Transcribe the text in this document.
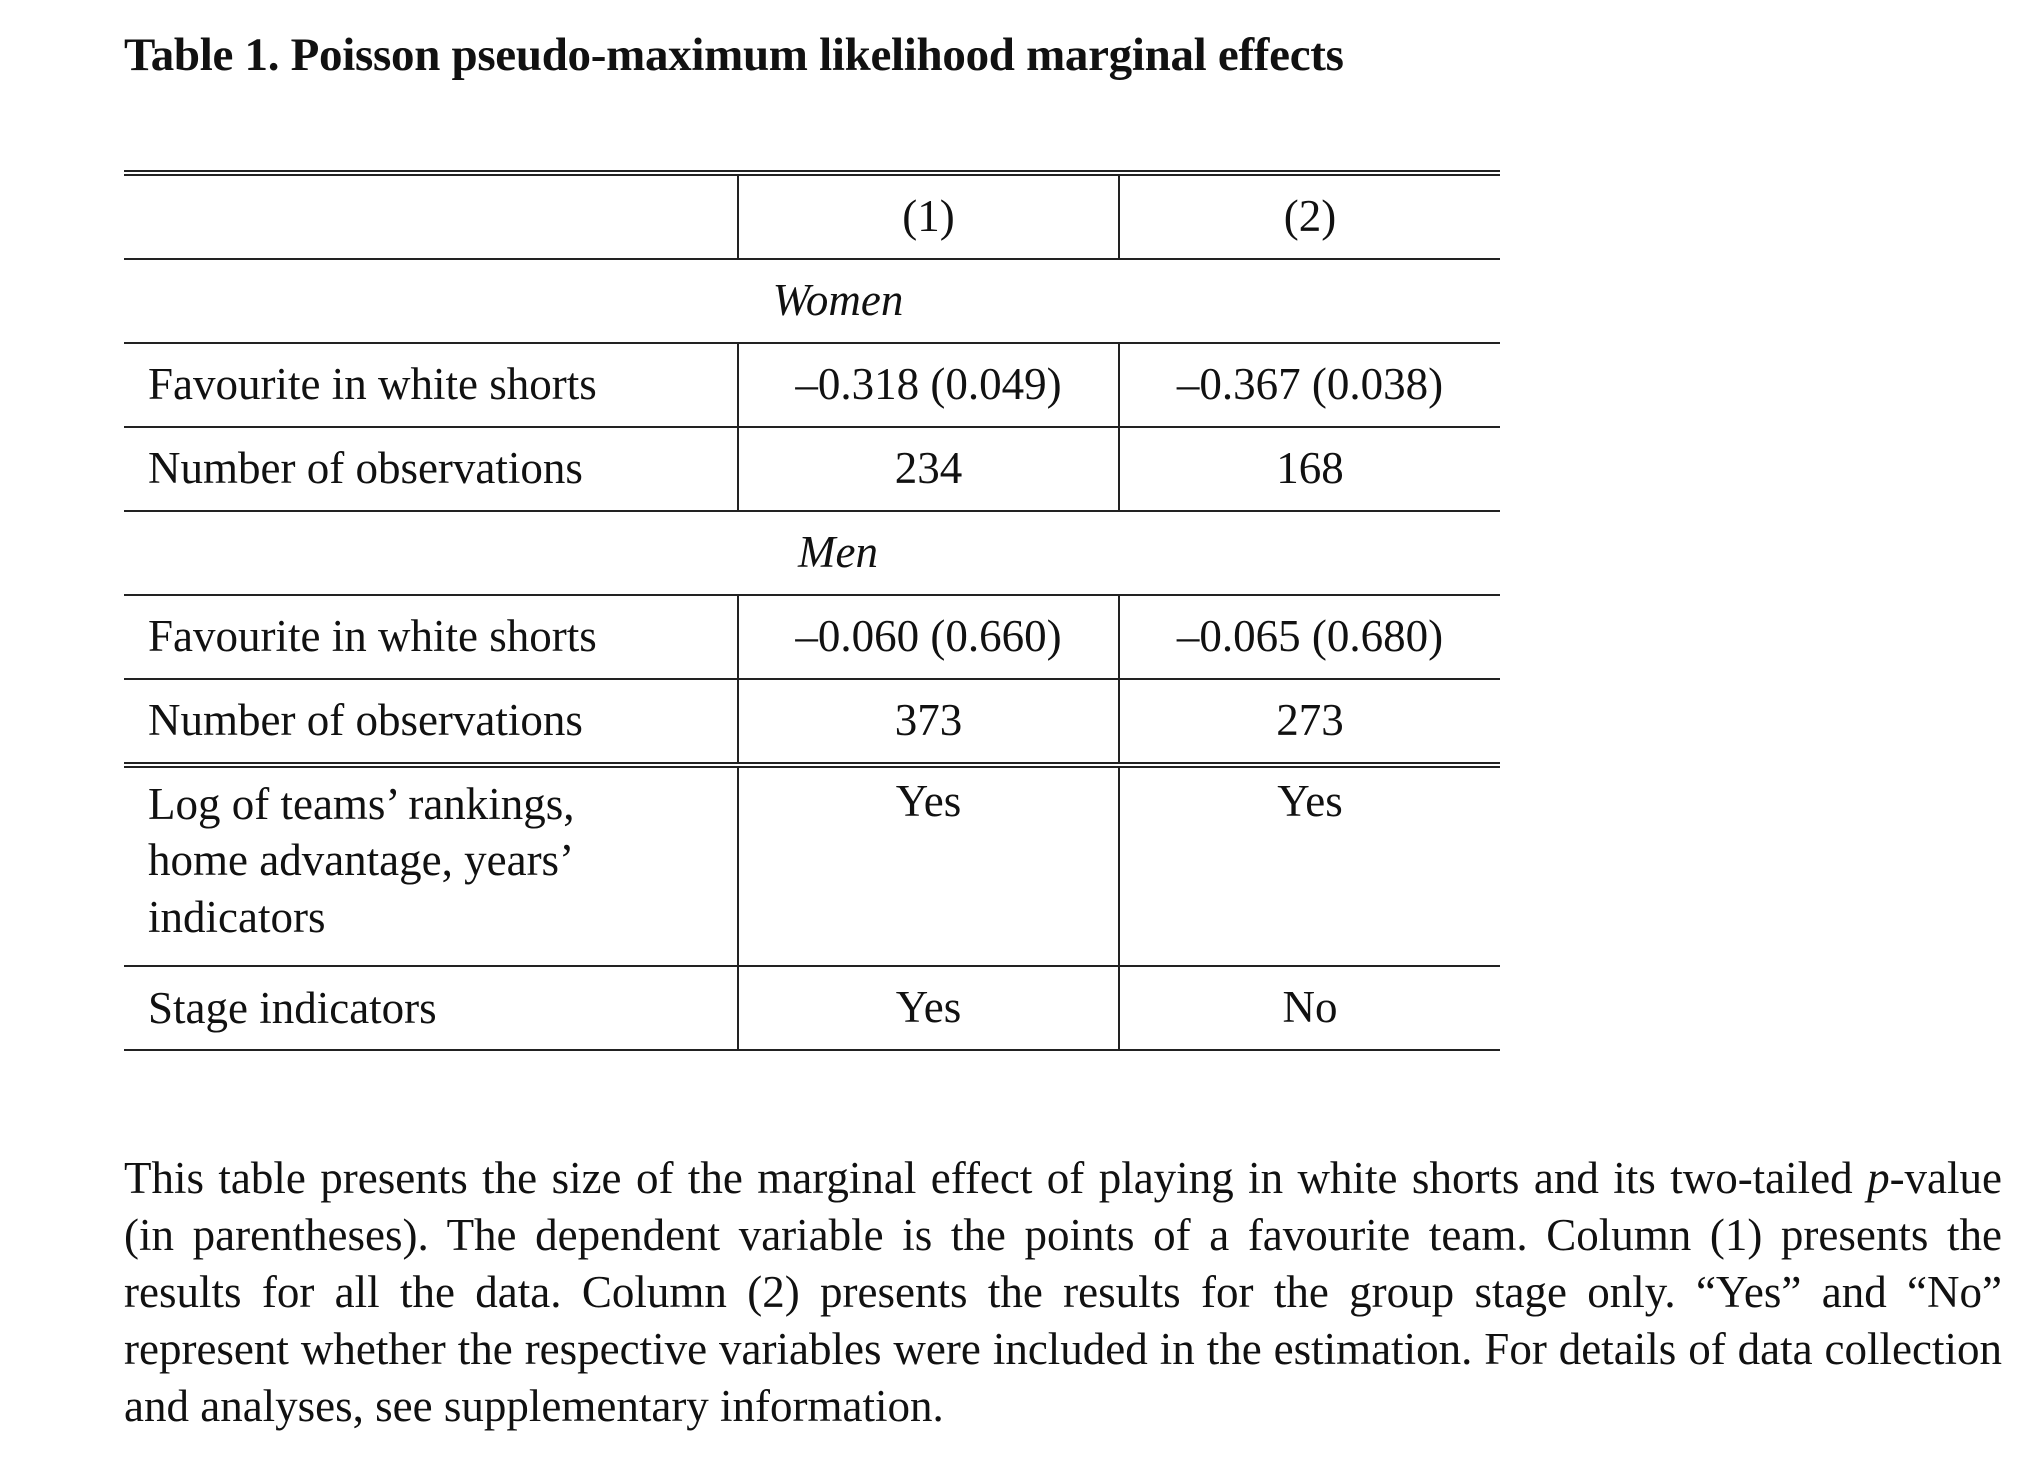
Table 1. Poisson pseudo-maximum likelihood marginal effects
	(1)	(2)
Women		
Favourite in white shorts	–0.318 (0.049)	–0.367 (0.038)
Number of observations	234	168
Men		
Favourite in white shorts	–0.060 (0.660)	–0.065 (0.680)
Number of observations	373	273
Log of teams’ rankings, home advantage, years’ indicators	Yes	Yes
Stage indicators	Yes	No

This table presents the size of the marginal effect of playing in white shorts and its two-tailed p-value (in parentheses). The dependent variable is the points of a favourite team. Column (1) presents the results for all the data. Column (2) presents the results for the group stage only. “Yes” and “No” represent whether the respective variables were included in the estimation. For details of data collection and analyses, see supplementary information.
